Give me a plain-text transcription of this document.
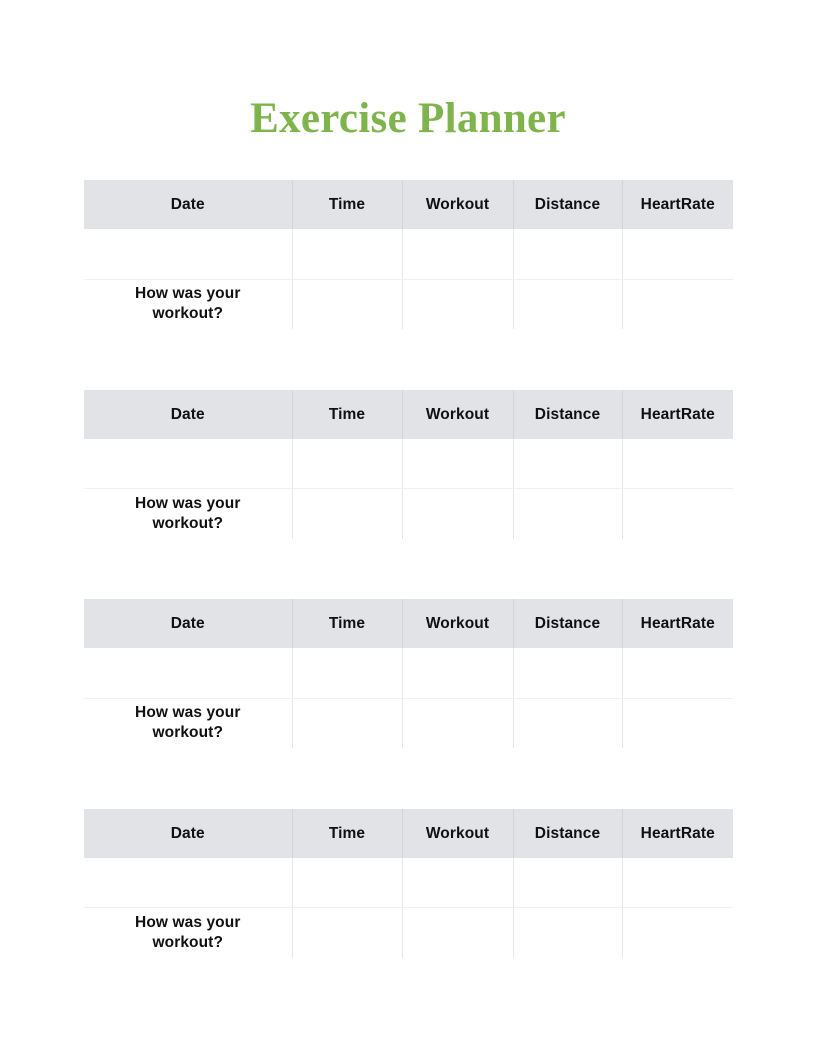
Exercise Planner
Date	Time	Workout	Distance	HeartRate

How was your
workout?				

Date	Time	Workout	Distance	HeartRate

How was your
workout?				

Date	Time	Workout	Distance	HeartRate

How was your
workout?				

Date	Time	Workout	Distance	HeartRate

How was your
workout?				
